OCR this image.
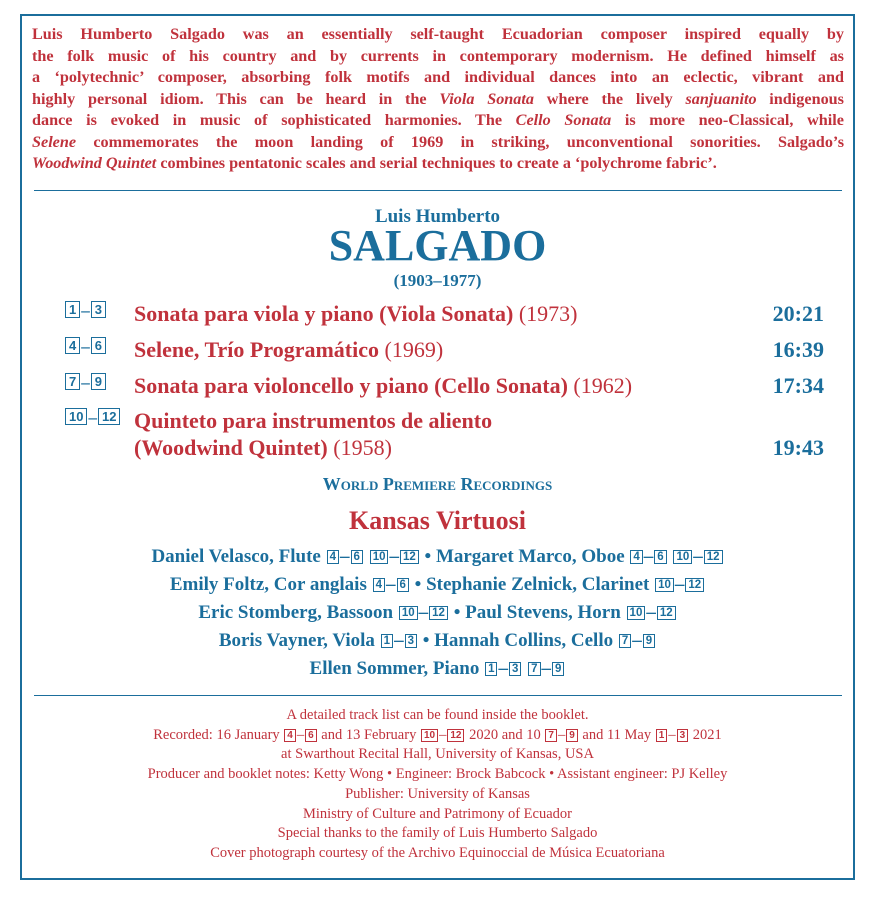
Luis Humberto Salgado was an essentially self-taught Ecuadorian composer inspired equally by
the folk music of his country and by currents in contemporary modernism. He defined himself as
a ‘polytechnic’ composer, absorbing folk motifs and individual dances into an eclectic, vibrant and
highly personal idiom. This can be heard in the Viola Sonata where the lively sanjuanito indigenous
dance is evoked in music of sophisticated harmonies. The Cello Sonata is more neo-Classical, while
Selene commemorates the moon landing of 1969 in striking, unconventional sonorities. Salgado’s
Woodwind Quintet combines pentatonic scales and serial techniques to create a ‘polychrome fabric’.
Luis Humberto
SALGADO
(1903–1977)
1 – 3 Sonata para viola y piano (Viola Sonata) (1973)	20:21
4 – 6 Selene, Trío Programático (1969)	16:39
7 – 9 Sonata para violoncello y piano (Cello Sonata) (1962)	17:34
10 – 12 Quinteto para instrumentos de aliento
(Woodwind Quintet) (1958)	19:43
World Premiere Recordings
Kansas Virtuosi
Daniel Velasco, Flute 4 – 6 10 – 12 • Margaret Marco, Oboe 4 – 6 10 – 12
Emily Foltz, Cor anglais 4 – 6 • Stephanie Zelnick, Clarinet 10 – 12
Eric Stomberg, Bassoon 10 – 12 • Paul Stevens, Horn 10 – 12
Boris Vayner, Viola 1 – 3 • Hannah Collins, Cello 7 – 9
Ellen Sommer, Piano 1 – 3 7 – 9
A detailed track list can be found inside the booklet.
Recorded: 16 January 4 – 6 and 13 February 10 – 12 2020 and 10 7 – 9 and 11 May 1 – 3 2021
at Swarthout Recital Hall, University of Kansas, USA
Producer and booklet notes: Ketty Wong • Engineer: Brock Babcock • Assistant engineer: PJ Kelley
Publisher: University of Kansas
Ministry of Culture and Patrimony of Ecuador
Special thanks to the family of Luis Humberto Salgado
Cover photograph courtesy of the Archivo Equinoccial de Música Ecuatoriana
